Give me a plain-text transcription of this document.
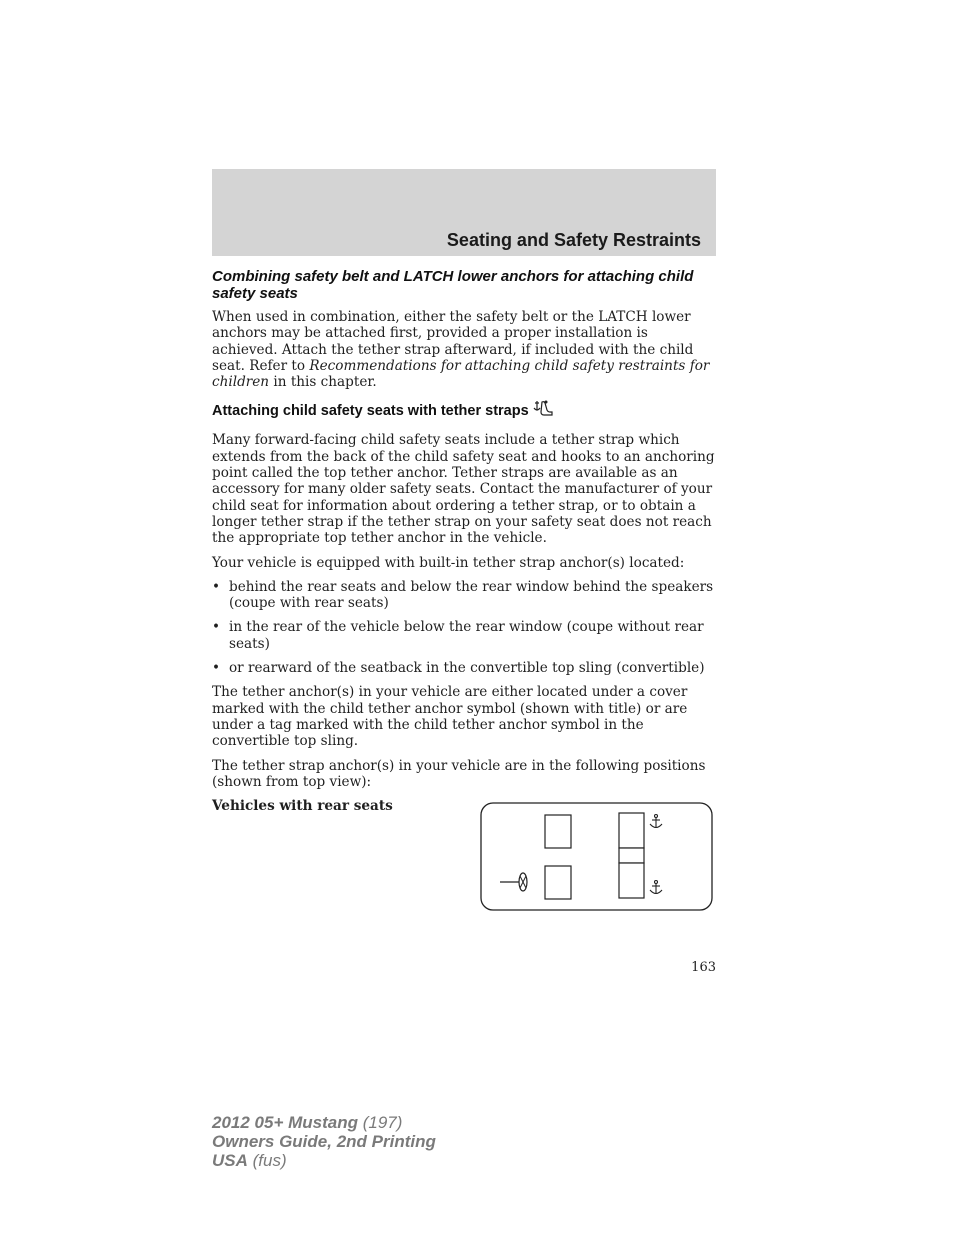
Seating and Safety Restraints
Combining safety belt and LATCH lower anchors for attaching child safety seats

When used in combination, either the safety belt or the LATCH lower anchors may be attached first, provided a proper installation is achieved. Attach the tether strap afterward, if included with the child seat. Refer to Recommendations for attaching child safety restraints for children in this chapter.

Attaching child safety seats with tether straps

Many forward-facing child safety seats include a tether strap which extends from the back of the child safety seat and hooks to an anchoring point called the top tether anchor. Tether straps are available as an accessory for many older safety seats. Contact the manufacturer of your child seat for information about ordering a tether strap, or to obtain a longer tether strap if the tether strap on your safety seat does not reach the appropriate top tether anchor in the vehicle.

Your vehicle is equipped with built-in tether strap anchor(s) located:

• behind the rear seats and below the rear window behind the speakers (coupe with rear seats)
• in the rear of the vehicle below the rear window (coupe without rear seats)
• or rearward of the seatback in the convertible top sling (convertible)

The tether anchor(s) in your vehicle are either located under a cover marked with the child tether anchor symbol (shown with title) or are under a tag marked with the child tether anchor symbol in the convertible top sling.

The tether strap anchor(s) in your vehicle are in the following positions (shown from top view):

Vehicles with rear seats

163
2012 05+ Mustang (197)
Owners Guide, 2nd Printing
USA (fus)
